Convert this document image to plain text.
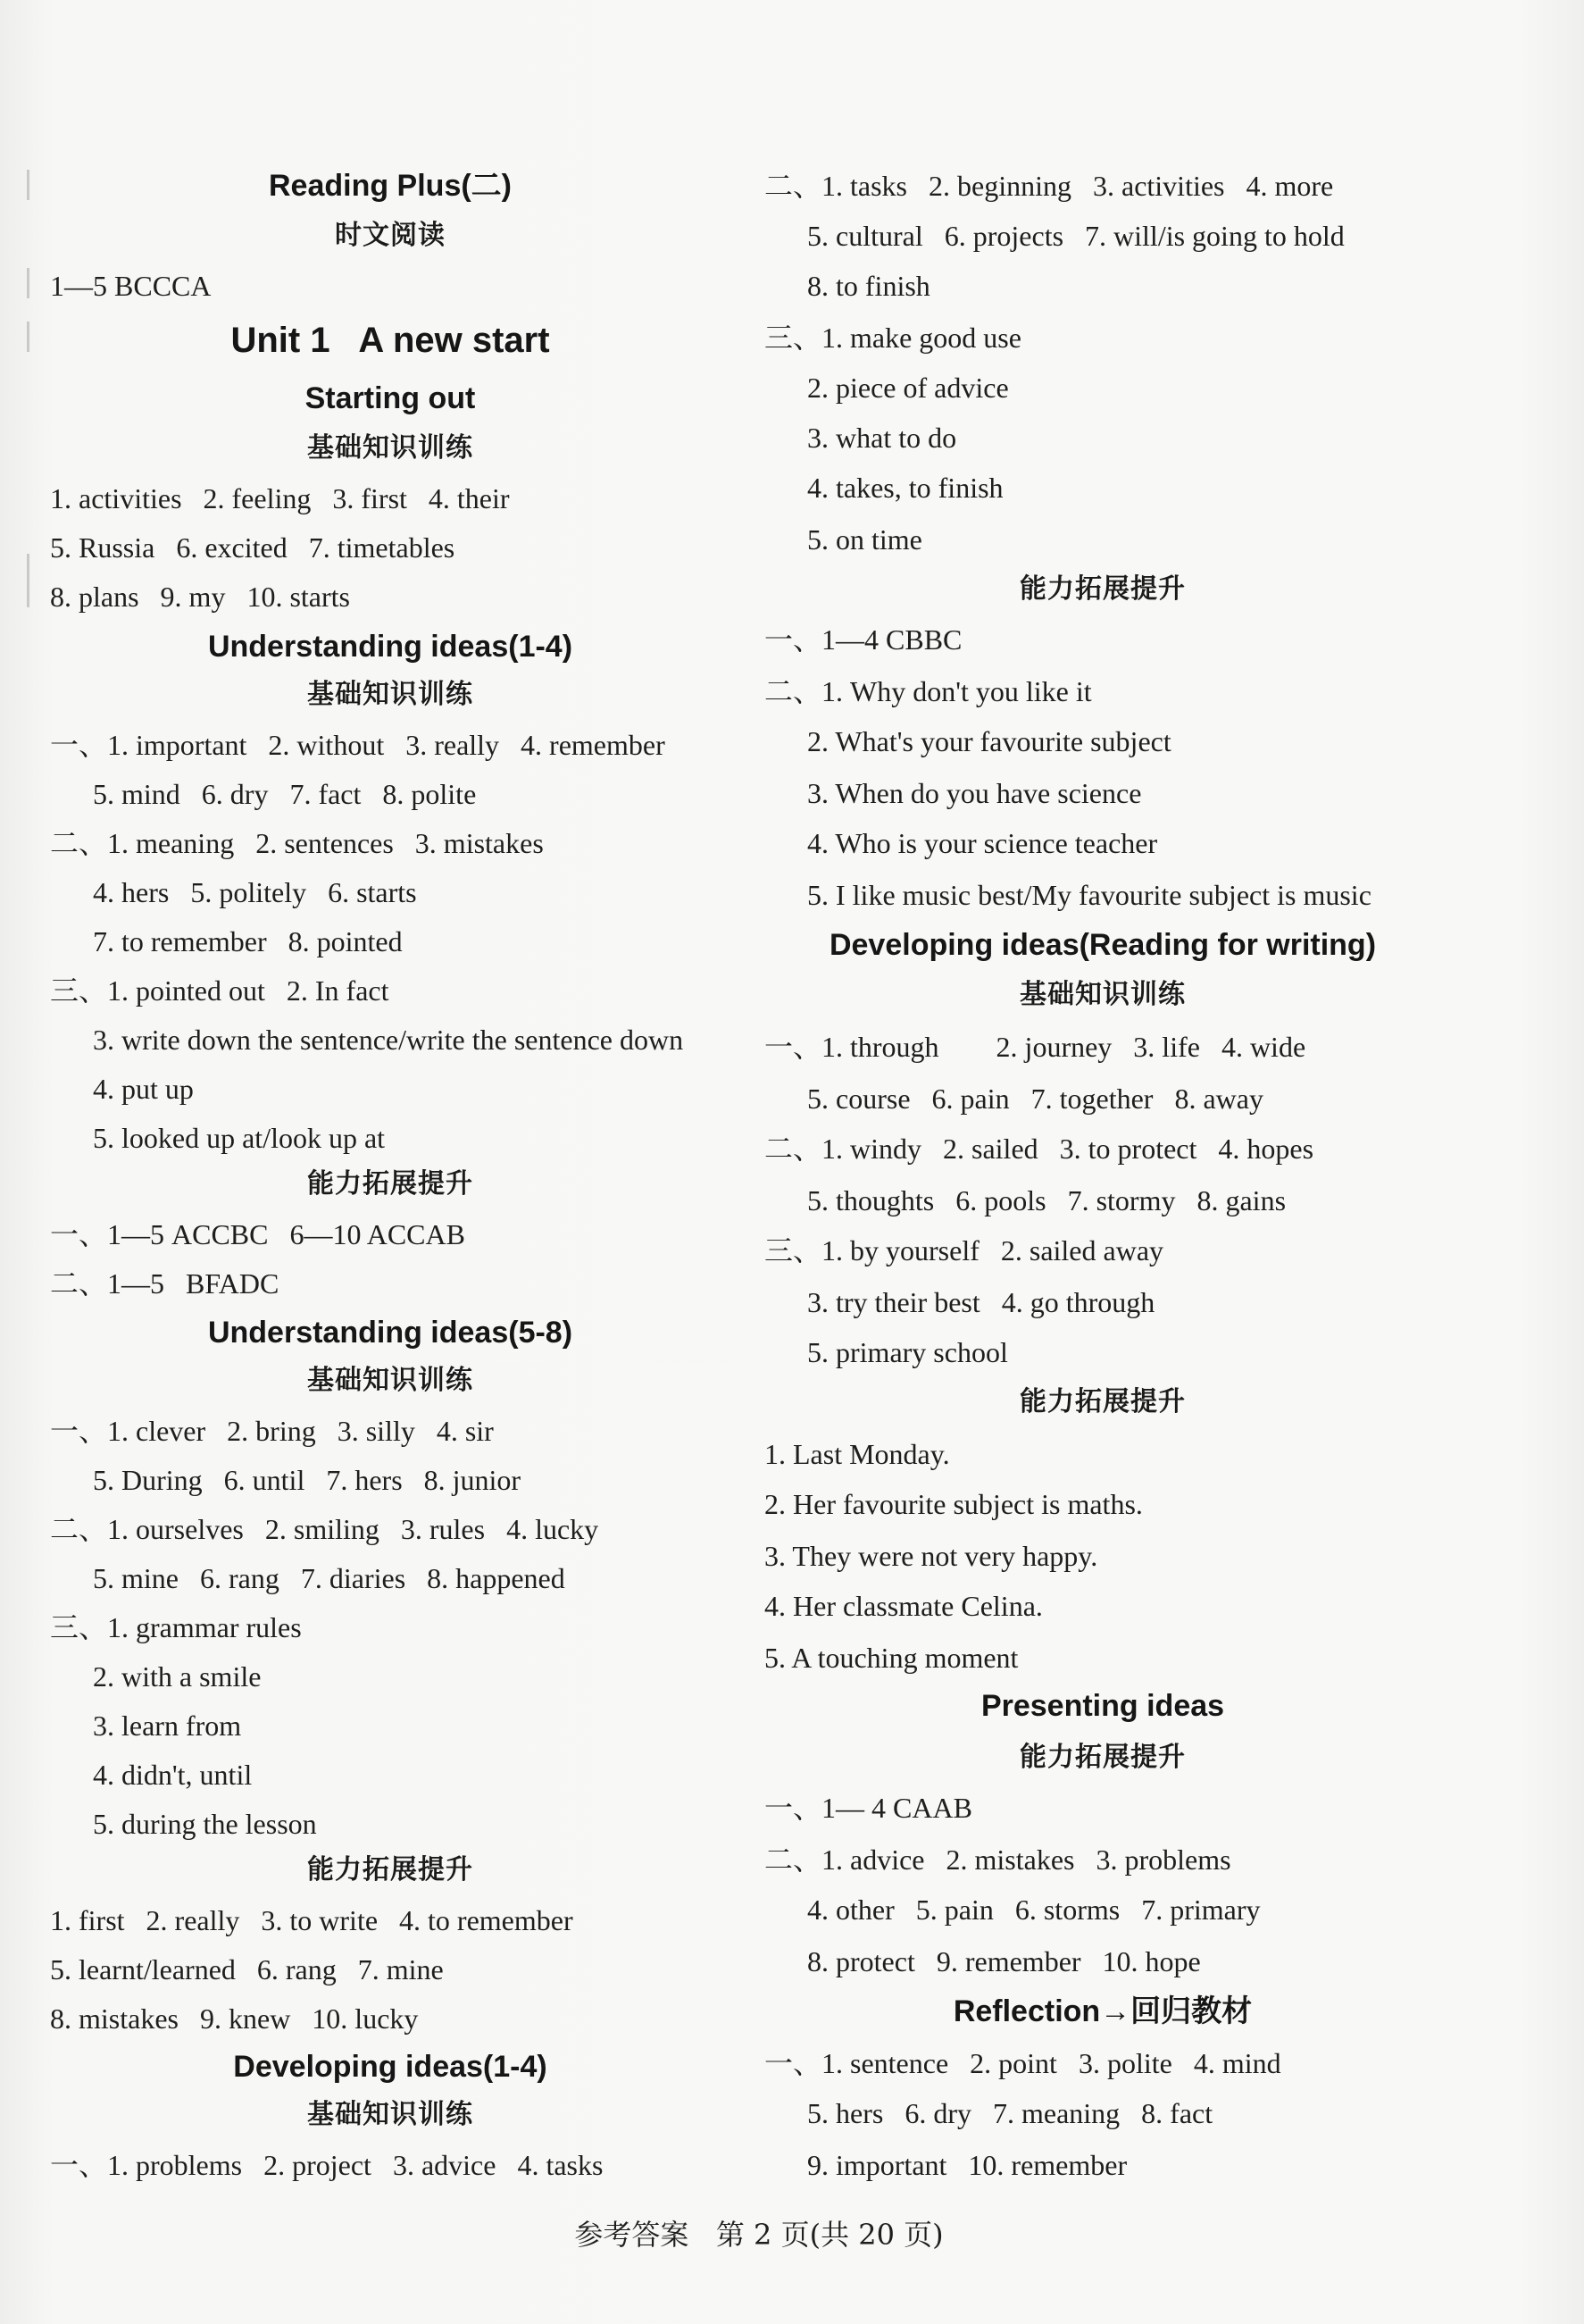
Reading Plus(二)
时文阅读
1—5 BCCCA
Unit 1   A new start
Starting out
基础知识训练
1. activities   2. feeling   3. first   4. their
5. Russia   6. excited   7. timetables
8. plans   9. my   10. starts
Understanding ideas(1-4)
基础知识训练
一、1. important   2. without   3. really   4. remember
5. mind   6. dry   7. fact   8. polite
二、1. meaning   2. sentences   3. mistakes
4. hers   5. politely   6. starts
7. to remember   8. pointed
三、1. pointed out   2. In fact
3. write down the sentence/write the sentence down
4. put up
5. looked up at/look up at
能力拓展提升
一、1—5 ACCBC   6—10 ACCAB
二、1—5   BFADC
Understanding ideas(5-8)
基础知识训练
一、1. clever   2. bring   3. silly   4. sir
5. During   6. until   7. hers   8. junior
二、1. ourselves   2. smiling   3. rules   4. lucky
5. mine   6. rang   7. diaries   8. happened
三、1. grammar rules
2. with a smile
3. learn from
4. didn't, until
5. during the lesson
能力拓展提升
1. first   2. really   3. to write   4. to remember
5. learnt/learned   6. rang   7. mine
8. mistakes   9. knew   10. lucky
Developing ideas(1-4)
基础知识训练
一、1. problems   2. project   3. advice   4. tasks
二、1. tasks   2. beginning   3. activities   4. more
5. cultural   6. projects   7. will/is going to hold
8. to finish
三、1. make good use
2. piece of advice
3. what to do
4. takes, to finish
5. on time
能力拓展提升
一、1—4 CBBC
二、1. Why don't you like it
2. What's your favourite subject
3. When do you have science
4. Who is your science teacher
5. I like music best/My favourite subject is music
Developing ideas(Reading for writing)
基础知识训练
一、1. through        2. journey   3. life   4. wide
5. course   6. pain   7. together   8. away
二、1. windy   2. sailed   3. to protect   4. hopes
5. thoughts   6. pools   7. stormy   8. gains
三、1. by yourself   2. sailed away
3. try their best   4. go through
5. primary school
能力拓展提升
1. Last Monday.
2. Her favourite subject is maths.
3. They were not very happy.
4. Her classmate Celina.
5. A touching moment
Presenting ideas
能力拓展提升
一、1— 4 CAAB
二、1. advice   2. mistakes   3. problems
4. other   5. pain   6. storms   7. primary
8. protect   9. remember   10. hope
Reflection→回归教材
一、1. sentence   2. point   3. polite   4. mind
5. hers   6. dry   7. meaning   8. fact
9. important   10. remember
参考答案   第 2 页(共 20 页)
